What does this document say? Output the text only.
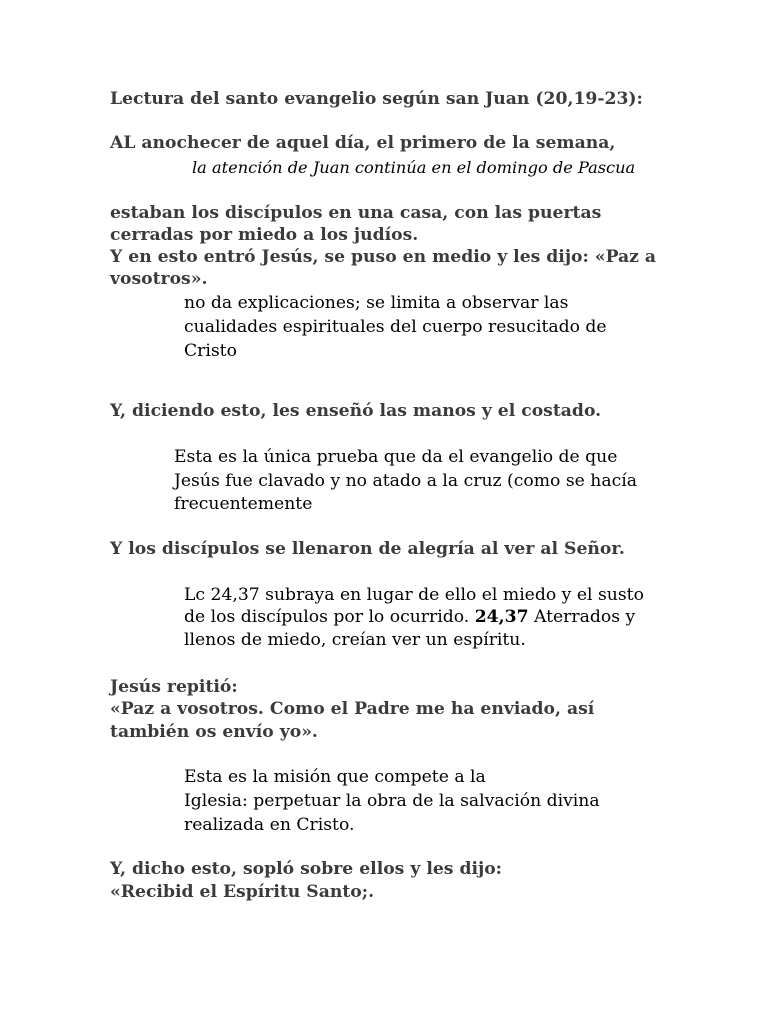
Lectura del santo evangelio según san Juan (20,19-23):
AL anochecer de aquel día, el primero de la semana,
la atención de Juan continúa en el domingo de Pascua
estaban los discípulos en una casa, con las puertas
cerradas por miedo a los judíos.
Y en esto entró Jesús, se puso en medio y les dijo: «Paz a
vosotros».
no da explicaciones; se limita a observar las
cualidades espirituales del cuerpo resucitado de
Cristo
Y, diciendo esto, les enseñó las manos y el costado.
Esta es la única prueba que da el evangelio de que
Jesús fue clavado y no atado a la cruz (como se hacía
frecuentemente
Y los discípulos se llenaron de alegría al ver al Señor.
Lc 24,37 subraya en lugar de ello el miedo y el susto
de los discípulos por lo ocurrido. 24,37 Aterrados y
llenos de miedo, creían ver un espíritu.
Jesús repitió:
«Paz a vosotros. Como el Padre me ha enviado, así
también os envío yo».
Esta es la misión que compete a la
Iglesia: perpetuar la obra de la salvación divina
realizada en Cristo.
Y, dicho esto, sopló sobre ellos y les dijo:
«Recibid el Espíritu Santo;.
